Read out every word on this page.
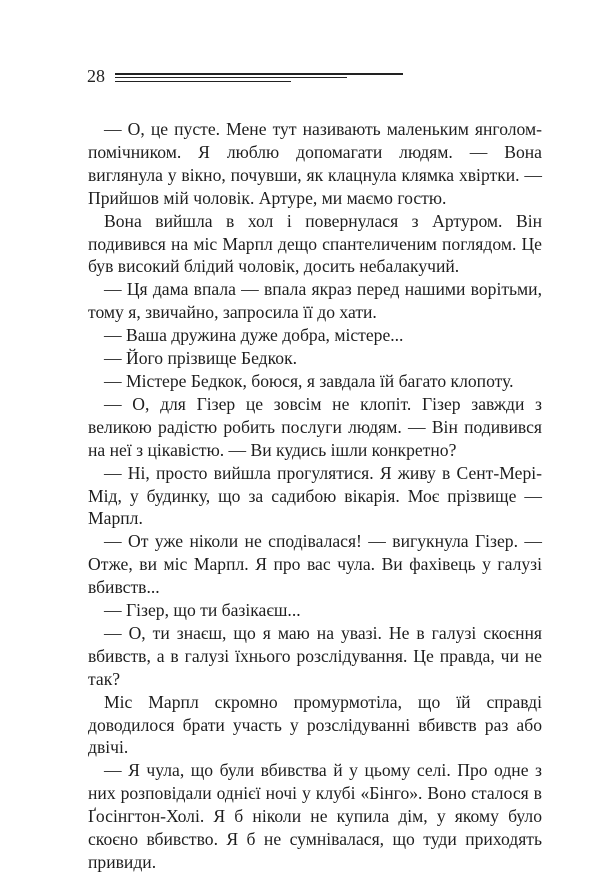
28

— О, це пусте. Мене тут називають маленьким янголом-помічником. Я люблю допомагати людям. — Вона виглянула у вікно, почувши, як клацнула клямка хвіртки. — Прийшов мій чоловік. Артуре, ми маємо гостю.

Вона вийшла в хол і повернулася з Артуром. Він подивився на міс Марпл дещо спантеличеним поглядом. Це був високий блідий чоловік, досить небалакучий.

— Ця дама впала — впала якраз перед нашими ворітьми, тому я, звичайно, запросила її до хати.

— Ваша дружина дуже добра, містере...

— Його прізвище Бедкок.

— Містере Бедкок, боюся, я завдала їй багато клопоту.

— О, для Гізер це зовсім не клопіт. Гізер завжди з великою радістю робить послуги людям. — Він подивився на неї з цікавістю. — Ви кудись ішли конкретно?

— Ні, просто вийшла прогулятися. Я живу в Сент-Мері-Мід, у будинку, що за садибою вікарія. Моє прізвище — Марпл.

— От уже ніколи не сподівалася! — вигукнула Гізер. — Отже, ви міс Марпл. Я про вас чула. Ви фахівець у галузі вбивств...

— Гізер, що ти базікаєш...

— О, ти знаєш, що я маю на увазі. Не в галузі скоєння вбивств, а в галузі їхнього розслідування. Це правда, чи не так?

Міс Марпл скромно промурмотіла, що їй справді доводилося брати участь у розслідуванні вбивств раз або двічі.

— Я чула, що були вбивства й у цьому селі. Про одне з них розповідали однієї ночі у клубі «Бінго». Воно сталося в Ґосінгтон-Холі. Я б ніколи не купила дім, у якому було скоєно вбивство. Я б не сумнівалася, що туди приходять привиди.
